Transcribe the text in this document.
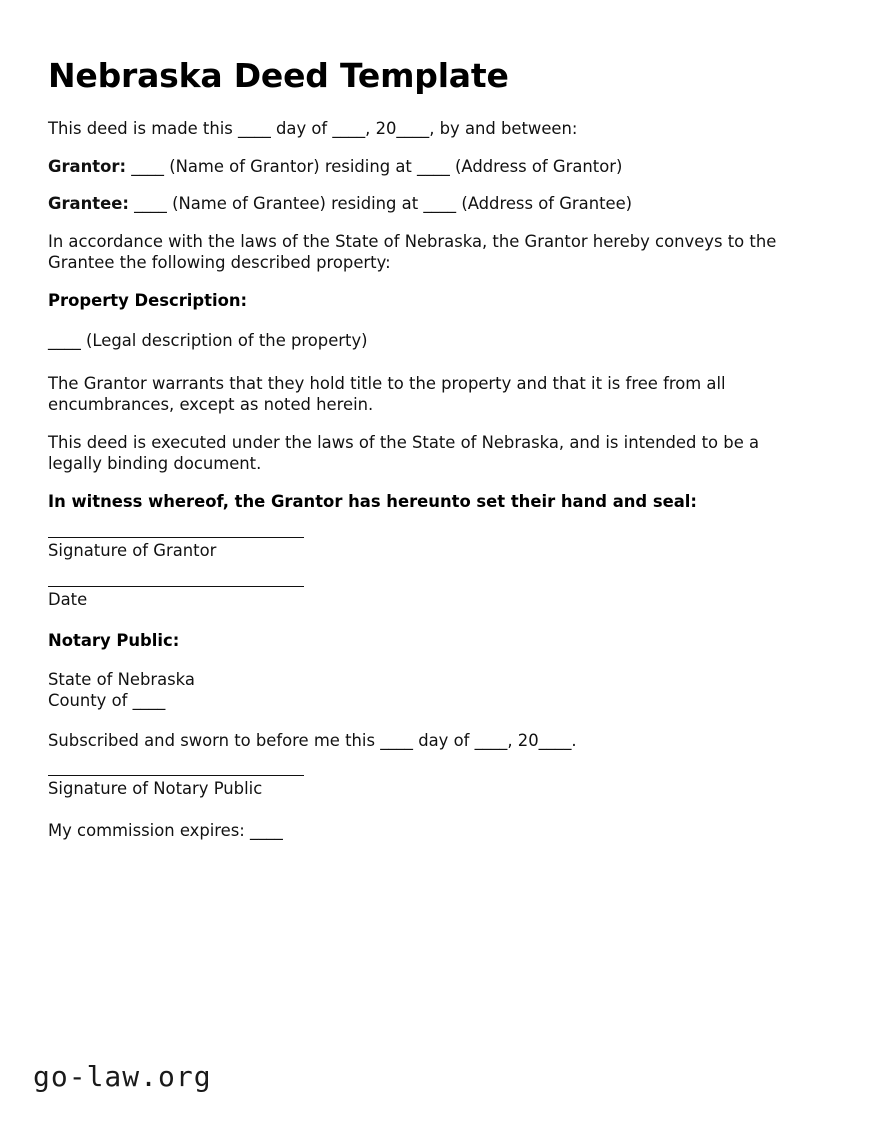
Nebraska Deed Template

This deed is made this ____ day of ____, 20____, by and between:

Grantor: ____ (Name of Grantor) residing at ____ (Address of Grantor)

Grantee: ____ (Name of Grantee) residing at ____ (Address of Grantee)

In accordance with the laws of the State of Nebraska, the Grantor hereby conveys to the Grantee the following described property:

Property Description:
____ (Legal description of the property)

The Grantor warrants that they hold title to the property and that it is free from all encumbrances, except as noted herein.

This deed is executed under the laws of the State of Nebraska, and is intended to be a legally binding document.

In witness whereof, the Grantor has hereunto set their hand and seal:
Signature of Grantor
Date
Notary Public:
State of Nebraska
County of ____

Subscribed and sworn to before me this ____ day of ____, 20____.

Signature of Notary Public
My commission expires: ____
go-law.org
